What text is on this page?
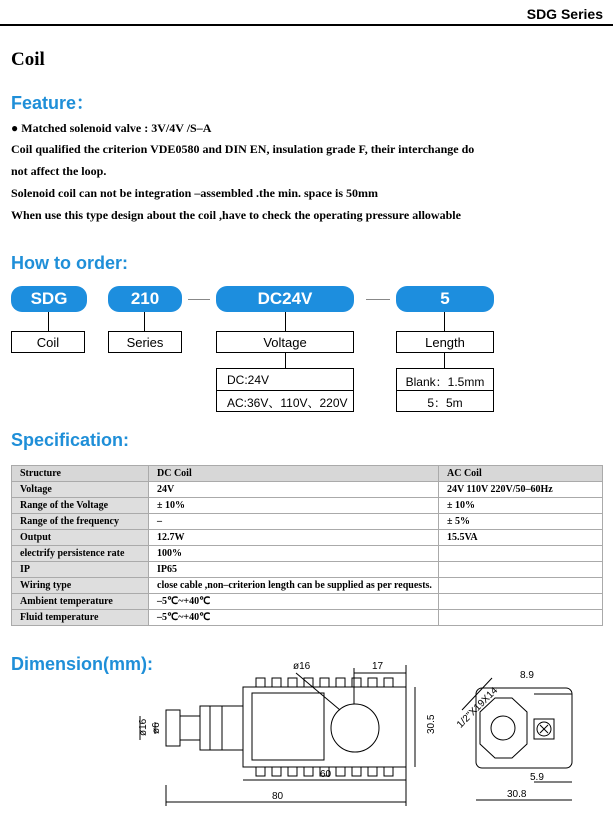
SDG Series
Coil
Feature：
● Matched solenoid valve : 3V/4V /S–A
Coil qualified the criterion VDE0580 and DIN EN, insulation grade F, their interchange do
not affect the loop.
Solenoid coil can not be integration –assembled .the min. space is 50mm
When use this type design about the coil ,have to check the operating pressure allowable
How to order:
SDG	210	DC24V	5
Coil	Series	Voltage	Length
DC:24V
AC:36V、110V、220V
Blank：1.5mm
5：5m
Specification:
Structure	DC Coil	AC Coil
Voltage	24V	24V 110V 220V/50–60Hz
Range of the Voltage	± 10%	± 10%
Range of the frequency	–	± 5%
Output	12.7W	15.5VA
electrify persistence rate	100%	
IP	IP65	
Wiring type	close cable ,non–criterion length can be supplied as per requests.	
Ambient temperature	–5℃~+40℃	
Fluid temperature	–5℃~+40℃	
Dimension(mm):	ø16	17
ø16 ø6	30.5
60
80
8.9
1/2"X19X14
5.9
30.8
